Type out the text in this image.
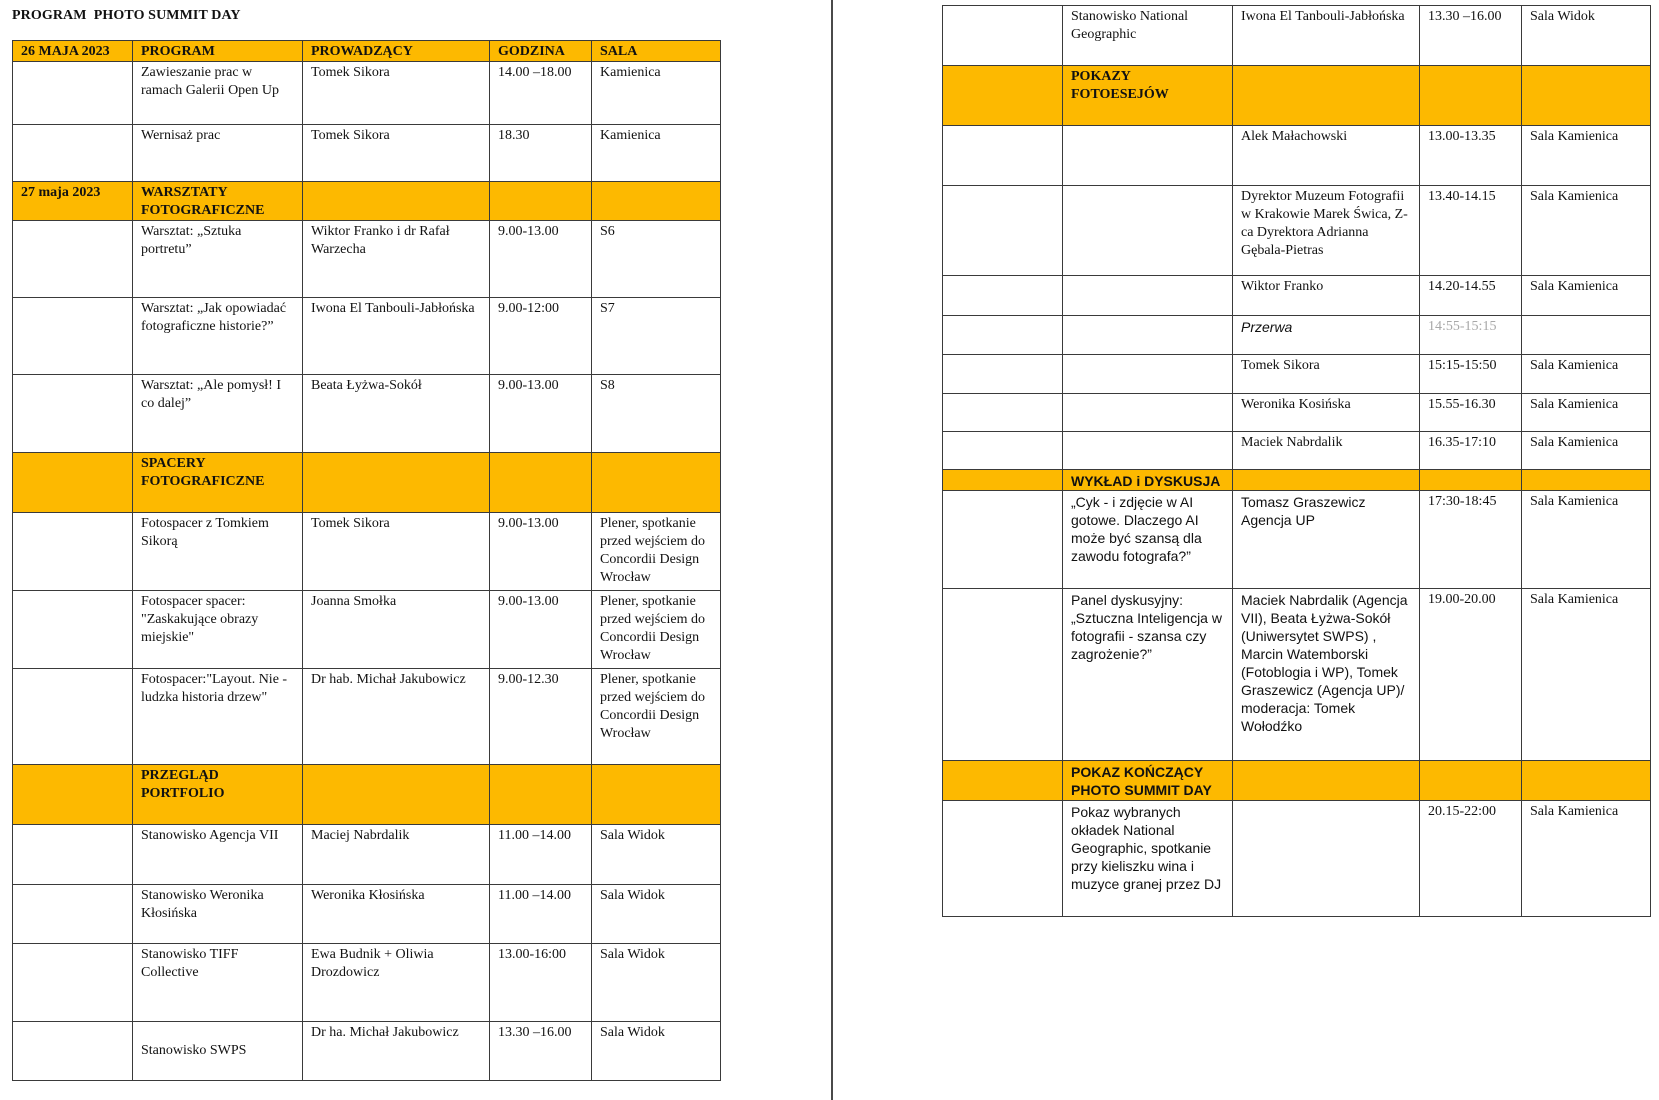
PROGRAM  PHOTO SUMMIT DAY
26 MAJA 2023	PROGRAM	PROWADZĄCY	GODZINA	SALA
	Zawieszanie prac w ramach Galerii Open Up	Tomek Sikora	14.00 –18.00	Kamienica
	Wernisaż prac	Tomek Sikora	18.30	Kamienica
27 maja 2023	WARSZTATY FOTOGRAFICZNE			
	Warsztat: „Sztuka portretu”	Wiktor Franko i dr Rafał Warzecha	9.00-13.00	S6
	Warsztat: „Jak opowiadać fotograficzne historie?”	Iwona El Tanbouli-Jabłońska	9.00-12:00	S7
	Warsztat: „Ale pomysł! I co dalej”	Beata Łyżwa-Sokół	9.00-13.00	S8
	SPACERY FOTOGRAFICZNE			
	Fotospacer z Tomkiem Sikorą	Tomek Sikora	9.00-13.00	Plener, spotkanie przed wejściem do Concordii Design Wrocław
	Fotospacer spacer: "Zaskakujące obrazy miejskie"	Joanna Smołka	9.00-13.00	Plener, spotkanie przed wejściem do Concordii Design Wrocław
	Fotospacer:"Layout. Nie - ludzka historia drzew"	Dr hab. Michał Jakubowicz	9.00-12.30	Plener, spotkanie przed wejściem do Concordii Design Wrocław
	PRZEGLĄD PORTFOLIO			
	Stanowisko Agencja VII	Maciej Nabrdalik	11.00 –14.00	Sala Widok
	Stanowisko Weronika Kłosińska	Weronika Kłosińska	11.00 –14.00	Sala Widok
	Stanowisko TIFF Collective	Ewa Budnik + Oliwia Drozdowicz	13.00-16:00	Sala Widok
	Stanowisko SWPS	Dr ha. Michał Jakubowicz	13.30 –16.00	Sala Widok
	Stanowisko National Geographic	Iwona El Tanbouli-Jabłońska	13.30 –16.00	Sala Widok
	POKAZY FOTOESEJÓW			
		Alek Małachowski	13.00-13.35	Sala Kamienica
		Dyrektor Muzeum Fotografii w Krakowie Marek Świca, Z-ca Dyrektora Adrianna Gębala-Pietras	13.40-14.15	Sala Kamienica
		Wiktor Franko	14.20-14.55	Sala Kamienica
		Przerwa	14:55-15:15	
		Tomek Sikora	15:15-15:50	Sala Kamienica
		Weronika Kosińska	15.55-16.30	Sala Kamienica
		Maciek Nabrdalik	16.35-17:10	Sala Kamienica
	WYKŁAD i DYSKUSJA			
	„Cyk - i zdjęcie w AI gotowe. Dlaczego AI może być szansą dla zawodu fotografa?”	Tomasz Graszewicz Agencja UP	17:30-18:45	Sala Kamienica
	Panel dyskusyjny: „Sztuczna Inteligencja w fotografii - szansa czy zagrożenie?”	Maciek Nabrdalik (Agencja VII), Beata Łyżwa-Sokół (Uniwersytet SWPS) , Marcin Watemborski (Fotoblogia i WP), Tomek Graszewicz (Agencja UP)/ moderacja: Tomek Wołodźko	19.00-20.00	Sala Kamienica
	POKAZ KOŃCZĄCY PHOTO SUMMIT DAY			
	Pokaz wybranych okładek National Geographic, spotkanie przy kieliszku wina i muzyce granej przez DJ		20.15-22:00	Sala Kamienica
